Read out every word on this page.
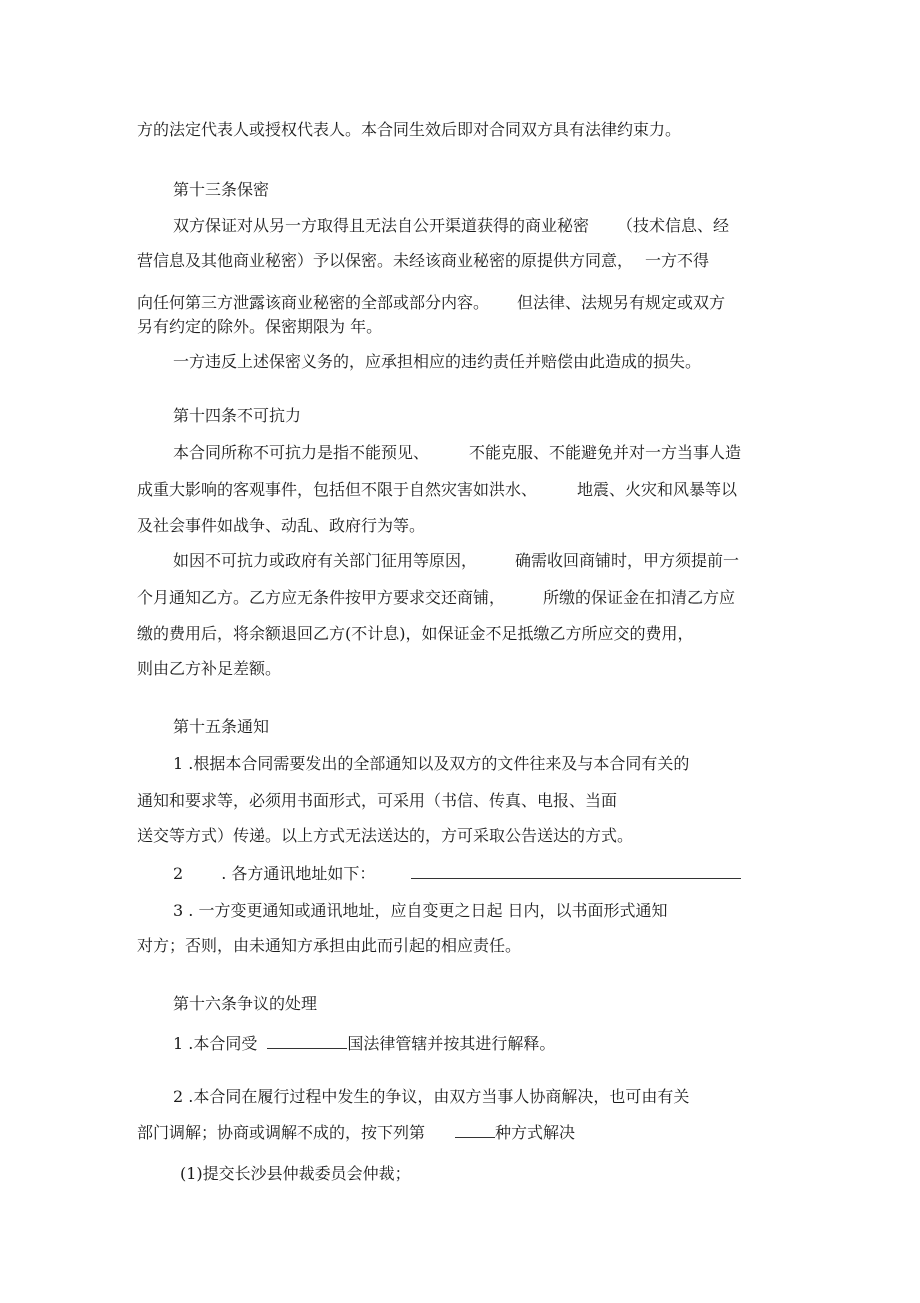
方的法定代表人或授权代表人。本合同生效后即对合同双方具有法律约束力。
第十三条保密
双方保证对从另一方取得且无法自公开渠道获得的商业秘密 （技术信息、经
营信息及其他商业秘密）予以保密。未经该商业秘密的原提供方同意， 一方不得
向任何第三方泄露该商业秘密的全部或部分内容。 但法律、法规另有规定或双方
另有约定的除外。保密期限为 年。
一方违反上述保密义务的，应承担相应的违约责任并赔偿由此造成的损失。
第十四条不可抗力
本合同所称不可抗力是指不能预见、	不能克服、不能避免并对一方当事人造
成重大影响的客观事件，包括但不限于自然灾害如洪水、	地震、火灾和风暴等以
及社会事件如战争、动乱、政府行为等。
如因不可抗力或政府有关部门征用等原因， 确需收回商铺时，甲方须提前一
个月通知乙方。乙方应无条件按甲方要求交还商铺， 所缴的保证金在扣清乙方应
缴的费用后，将余额退回乙方(不计息)，如保证金不足抵缴乙方所应交的费用，
则由乙方补足差额。
第十五条通知
1 .根据本合同需要发出的全部通知以及双方的文件往来及与本合同有关的
通知和要求等，必须用书面形式，可采用（书信、传真、电报、当面
送交等方式）传递。以上方式无法送达的，方可采取公告送达的方式。
2 . 各方通讯地址如下：
3 . 一方变更通知或通讯地址，应自变更之日起 日内，以书面形式通知
对方；否则，由未通知方承担由此而引起的相应责任。
第十六条争议的处理
1 .本合同受	国法律管辖并按其进行解释。
2 .本合同在履行过程中发生的争议，由双方当事人协商解决，也可由有关
部门调解；协商或调解不成的，按下列第	种方式解决
(1)提交长沙县仲裁委员会仲裁；
